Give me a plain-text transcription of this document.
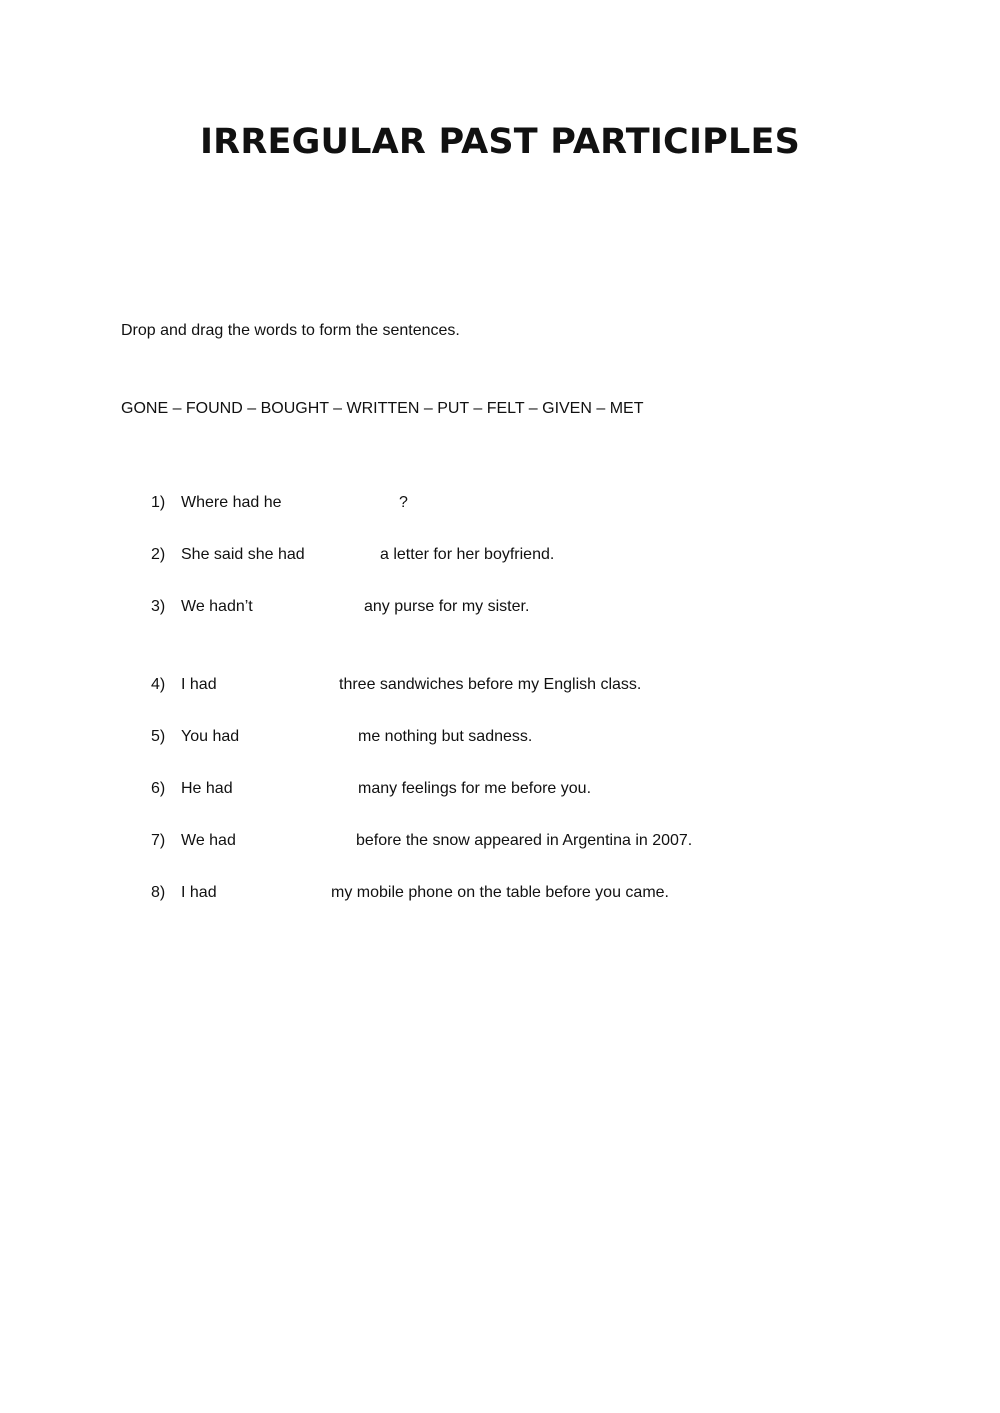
IRREGULAR PAST PARTICIPLES

Drop and drag the words to form the sentences.

GONE – FOUND – BOUGHT – WRITTEN – PUT – FELT – GIVEN – MET

1) Where had he	?
2) She said she had	a letter for her boyfriend.
3) We hadn’t	any purse for my sister.
4) I had	three sandwiches before my English class.
5) You had	me nothing but sadness.
6) He had	many feelings for me before you.
7) We had	before the snow appeared in Argentina in 2007.
8) I had	my mobile phone on the table before you came.
